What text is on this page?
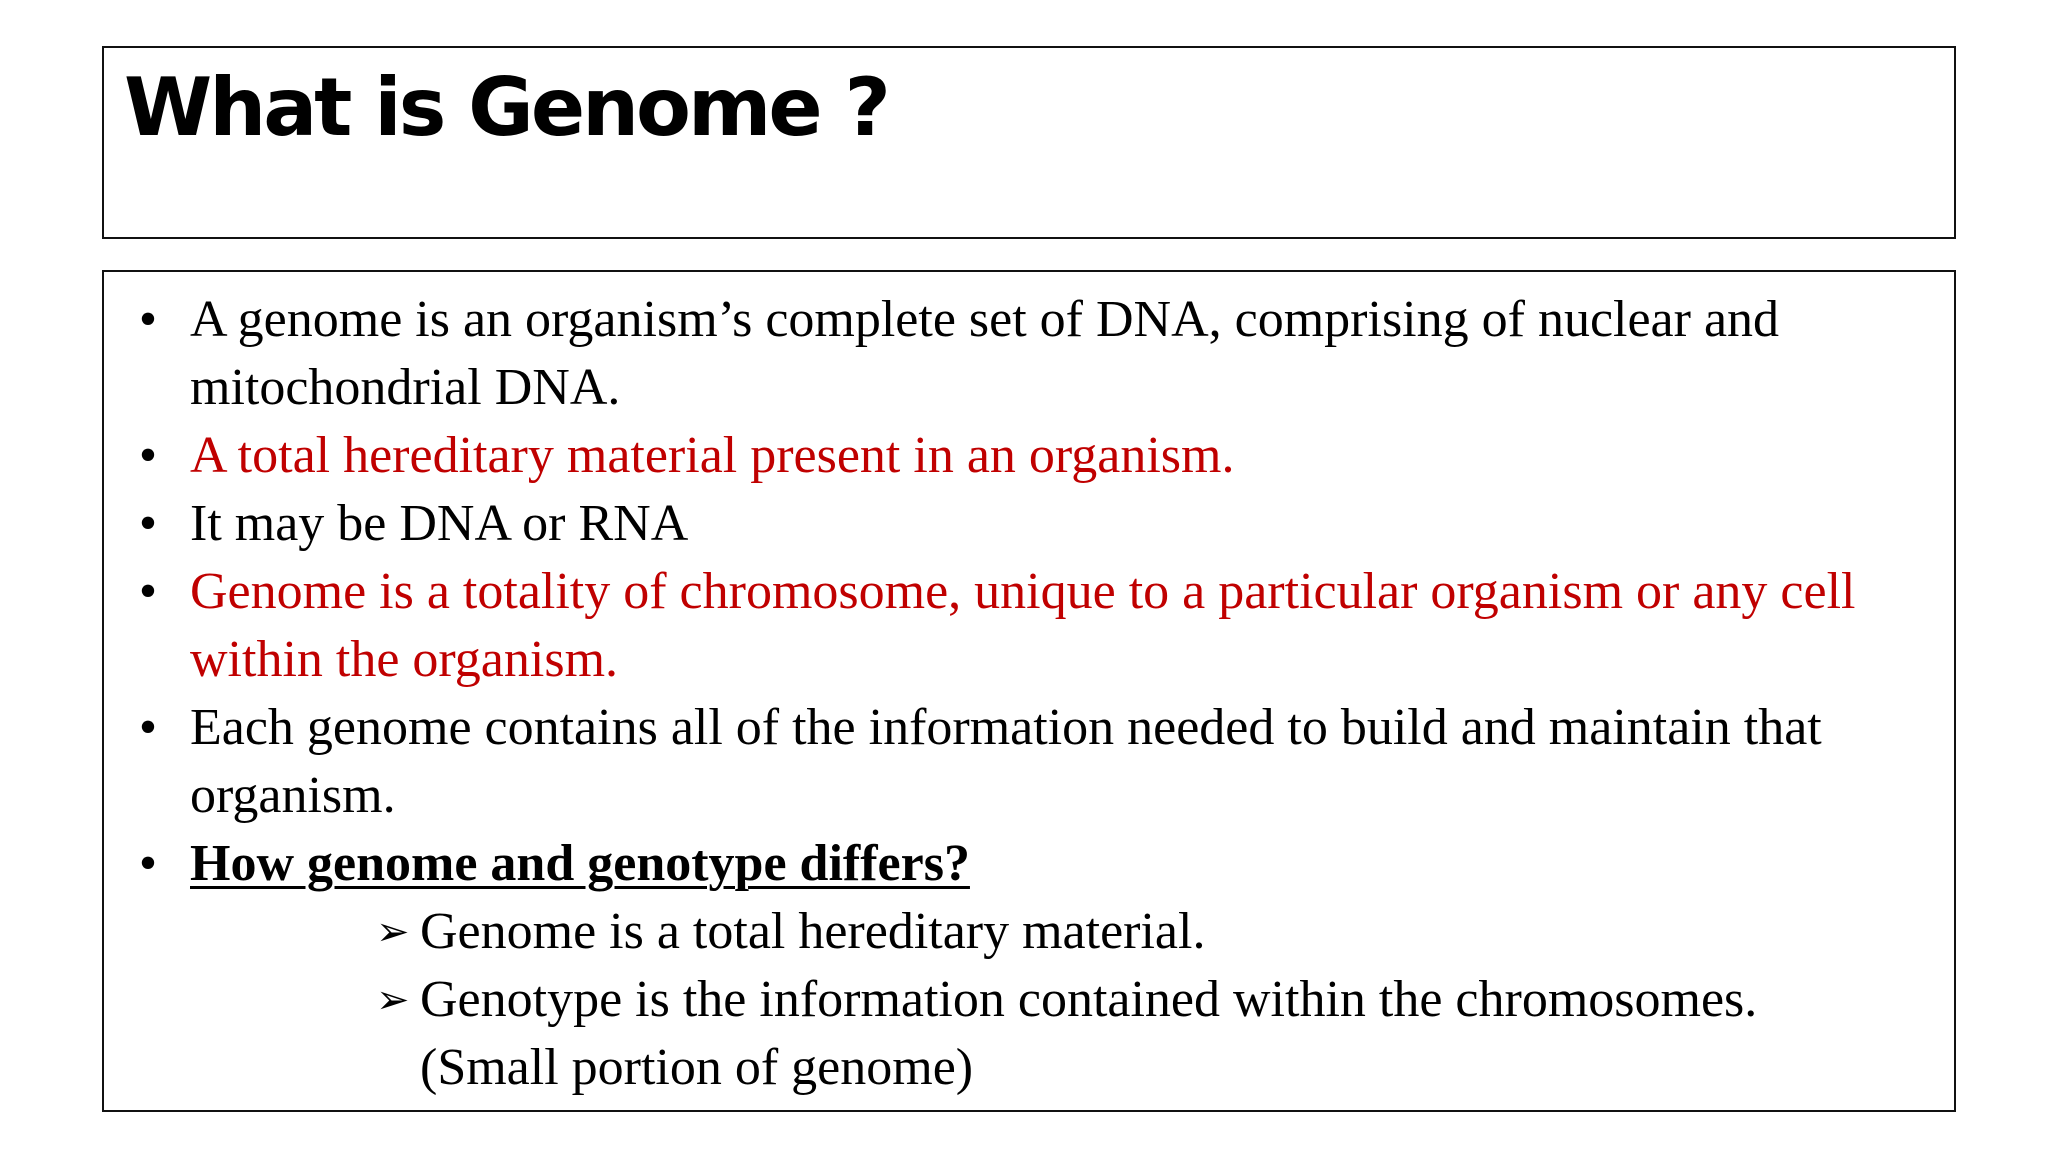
What is Genome ?
• A genome is an organism’s complete set of DNA, comprising of nuclear and mitochondrial DNA.
• A total hereditary material present in an organism.
• It may be DNA or RNA
• Genome is a totality of chromosome, unique to a particular organism or any cell within the organism.
• Each genome contains all of the information needed to build and maintain that organism.
• How genome and genotype differs?
➢ Genome is a total hereditary material.
➢ Genotype is the information contained within the chromosomes. (Small portion of genome)
